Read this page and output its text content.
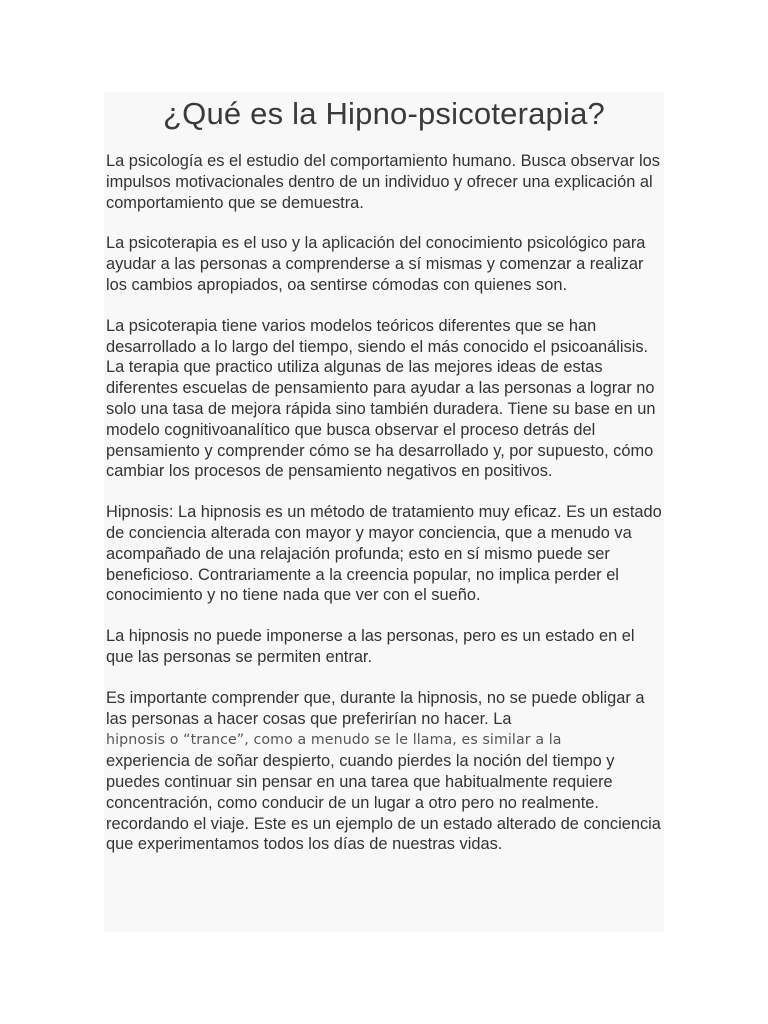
¿Qué es la Hipno-psicoterapia?

La psicología es el estudio del comportamiento humano. Busca observar los impulsos motivacionales dentro de un individuo y ofrecer una explicación al comportamiento que se demuestra.

La psicoterapia es el uso y la aplicación del conocimiento psicológico para ayudar a las personas a comprenderse a sí mismas y comenzar a realizar los cambios apropiados, oa sentirse cómodas con quienes son.

La psicoterapia tiene varios modelos teóricos diferentes que se han desarrollado a lo largo del tiempo, siendo el más conocido el psicoanálisis. La terapia que practico utiliza algunas de las mejores ideas de estas diferentes escuelas de pensamiento para ayudar a las personas a lograr no solo una tasa de mejora rápida sino también duradera. Tiene su base en un modelo cognitivoanalítico que busca observar el proceso detrás del pensamiento y comprender cómo se ha desarrollado y, por supuesto, cómo cambiar los procesos de pensamiento negativos en positivos.

Hipnosis: La hipnosis es un método de tratamiento muy eficaz. Es un estado de conciencia alterada con mayor y mayor conciencia, que a menudo va acompañado de una relajación profunda; esto en sí mismo puede ser beneficioso. Contrariamente a la creencia popular, no implica perder el conocimiento y no tiene nada que ver con el sueño.

La hipnosis no puede imponerse a las personas, pero es un estado en el que las personas se permiten entrar.

Es importante comprender que, durante la hipnosis, no se puede obligar a las personas a hacer cosas que preferirían no hacer. La
hipnosis o “trance”, como a menudo se le llama, es similar a la
experiencia de soñar despierto, cuando pierdes la noción del tiempo y puedes continuar sin pensar en una tarea que habitualmente requiere concentración, como conducir de un lugar a otro pero no realmente. recordando el viaje. Este es un ejemplo de un estado alterado de conciencia que experimentamos todos los días de nuestras vidas.
